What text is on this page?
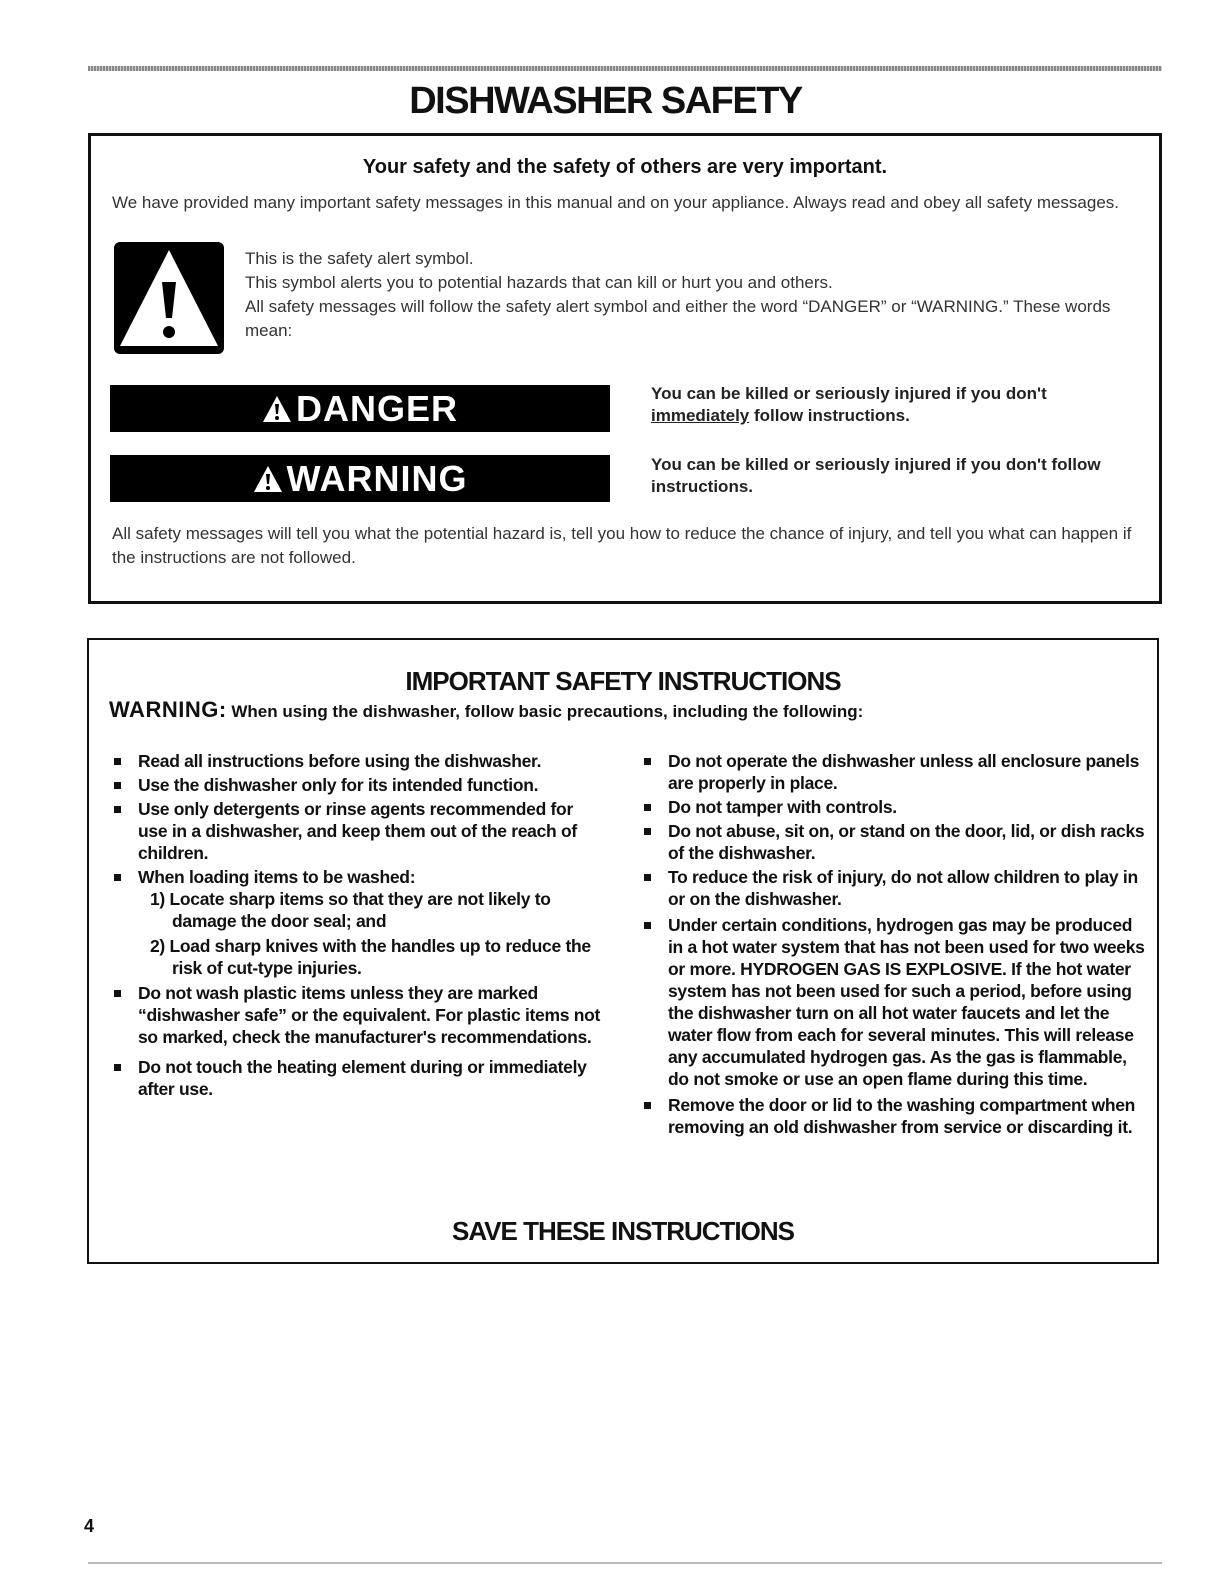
DISHWASHER SAFETY
Your safety and the safety of others are very important.

We have provided many important safety messages in this manual and on your appliance. Always read and obey all safety messages.

This is the safety alert symbol.

This symbol alerts you to potential hazards that can kill or hurt you and others.

All safety messages will follow the safety alert symbol and either the word “DANGER” or “WARNING.” These words mean:

DANGER	You can be killed or seriously injured if you don't immediately follow instructions.

WARNING	You can be killed or seriously injured if you don't follow instructions.

All safety messages will tell you what the potential hazard is, tell you how to reduce the chance of injury, and tell you what can happen if the instructions are not followed.

IMPORTANT SAFETY INSTRUCTIONS

WARNING: When using the dishwasher, follow basic precautions, including the following:

Read all instructions before using the dishwasher.
Use the dishwasher only for its intended function.
Use only detergents or rinse agents recommended for use in a dishwasher, and keep them out of the reach of children.
When loading items to be washed:
1) Locate sharp items so that they are not likely to damage the door seal; and
2) Load sharp knives with the handles up to reduce the risk of cut-type injuries.
Do not wash plastic items unless they are marked “dishwasher safe” or the equivalent. For plastic items not so marked, check the manufacturer's recommendations.
Do not touch the heating element during or immediately after use.
Do not operate the dishwasher unless all enclosure panels are properly in place.
Do not tamper with controls.
Do not abuse, sit on, or stand on the door, lid, or dish racks of the dishwasher.
To reduce the risk of injury, do not allow children to play in or on the dishwasher.
Under certain conditions, hydrogen gas may be produced in a hot water system that has not been used for two weeks or more. HYDROGEN GAS IS EXPLOSIVE. If the hot water system has not been used for such a period, before using the dishwasher turn on all hot water faucets and let the water flow from each for several minutes. This will release any accumulated hydrogen gas. As the gas is flammable, do not smoke or use an open flame during this time.
Remove the door or lid to the washing compartment when removing an old dishwasher from service or discarding it.
SAVE THESE INSTRUCTIONS
4
